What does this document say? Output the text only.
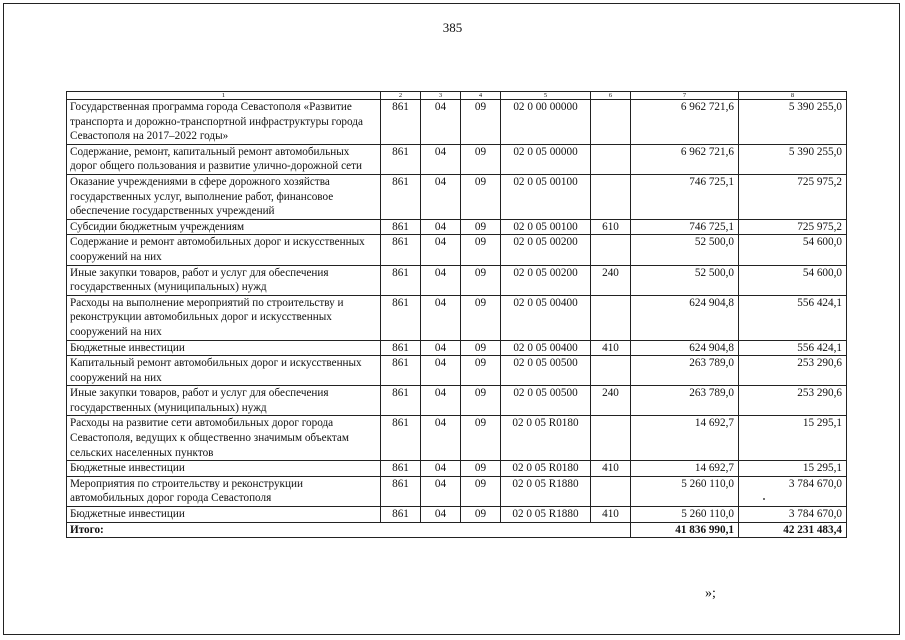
385
1	2	3	4	5	6	7	8
Государственная программа города Севастополя «Развитие транспорта и дорожно-транспортной инфраструктуры города Севастополя на 2017–2022 годы»	861	04	09	02 0 00 00000		6 962 721,6	5 390 255,0
Содержание, ремонт, капитальный ремонт автомобильных дорог общего пользования и развитие улично-дорожной сети	861	04	09	02 0 05 00000		6 962 721,6	5 390 255,0
Оказание учреждениями в сфере дорожного хозяйства государственных услуг, выполнение работ, финансовое обеспечение государственных учреждений	861	04	09	02 0 05 00100		746 725,1	725 975,2
Субсидии бюджетным учреждениям	861	04	09	02 0 05 00100	610	746 725,1	725 975,2
Содержание и ремонт автомобильных дорог и искусственных сооружений на них	861	04	09	02 0 05 00200		52 500,0	54 600,0
Иные закупки товаров, работ и услуг для обеспечения государственных (муниципальных) нужд	861	04	09	02 0 05 00200	240	52 500,0	54 600,0
Расходы на выполнение мероприятий по строительству и реконструкции автомобильных дорог и искусственных сооружений на них	861	04	09	02 0 05 00400		624 904,8	556 424,1
Бюджетные инвестиции	861	04	09	02 0 05 00400	410	624 904,8	556 424,1
Капитальный ремонт автомобильных дорог и искусственных сооружений на них	861	04	09	02 0 05 00500		263 789,0	253 290,6
Иные закупки товаров, работ и услуг для обеспечения государственных (муниципальных) нужд	861	04	09	02 0 05 00500	240	263 789,0	253 290,6
Расходы на развитие сети автомобильных дорог города Севастополя, ведущих к общественно значимым объектам сельских населенных пунктов	861	04	09	02 0 05 R0180		14 692,7	15 295,1
Бюджетные инвестиции	861	04	09	02 0 05 R0180	410	14 692,7	15 295,1
Мероприятия по строительству и реконструкции автомобильных дорог города Севастополя	861	04	09	02 0 05 R1880		5 260 110,0	3 784 670,0
Бюджетные инвестиции	861	04	09	02 0 05 R1880	410	5 260 110,0	3 784 670,0
Итого:						41 836 990,1	42 231 483,4
»;
